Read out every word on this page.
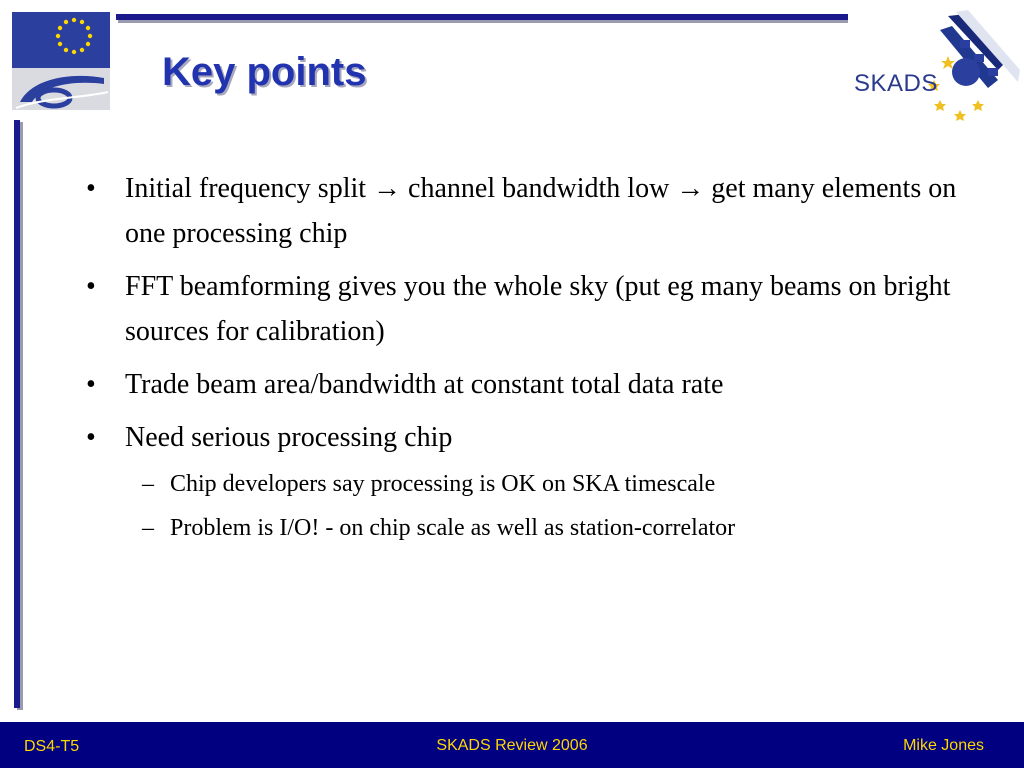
Key points	SKADS
• Initial frequency split → channel bandwidth low → get many elements on one processing chip
• FFT beamforming gives you the whole sky (put eg many beams on bright sources for calibration)
• Trade beam area/bandwidth at constant total data rate
• Need serious processing chip
– Chip developers say processing is OK on SKA timescale
– Problem is I/O! - on chip scale as well as station-correlator
DS4-T5	SKADS Review 2006	Mike Jones
